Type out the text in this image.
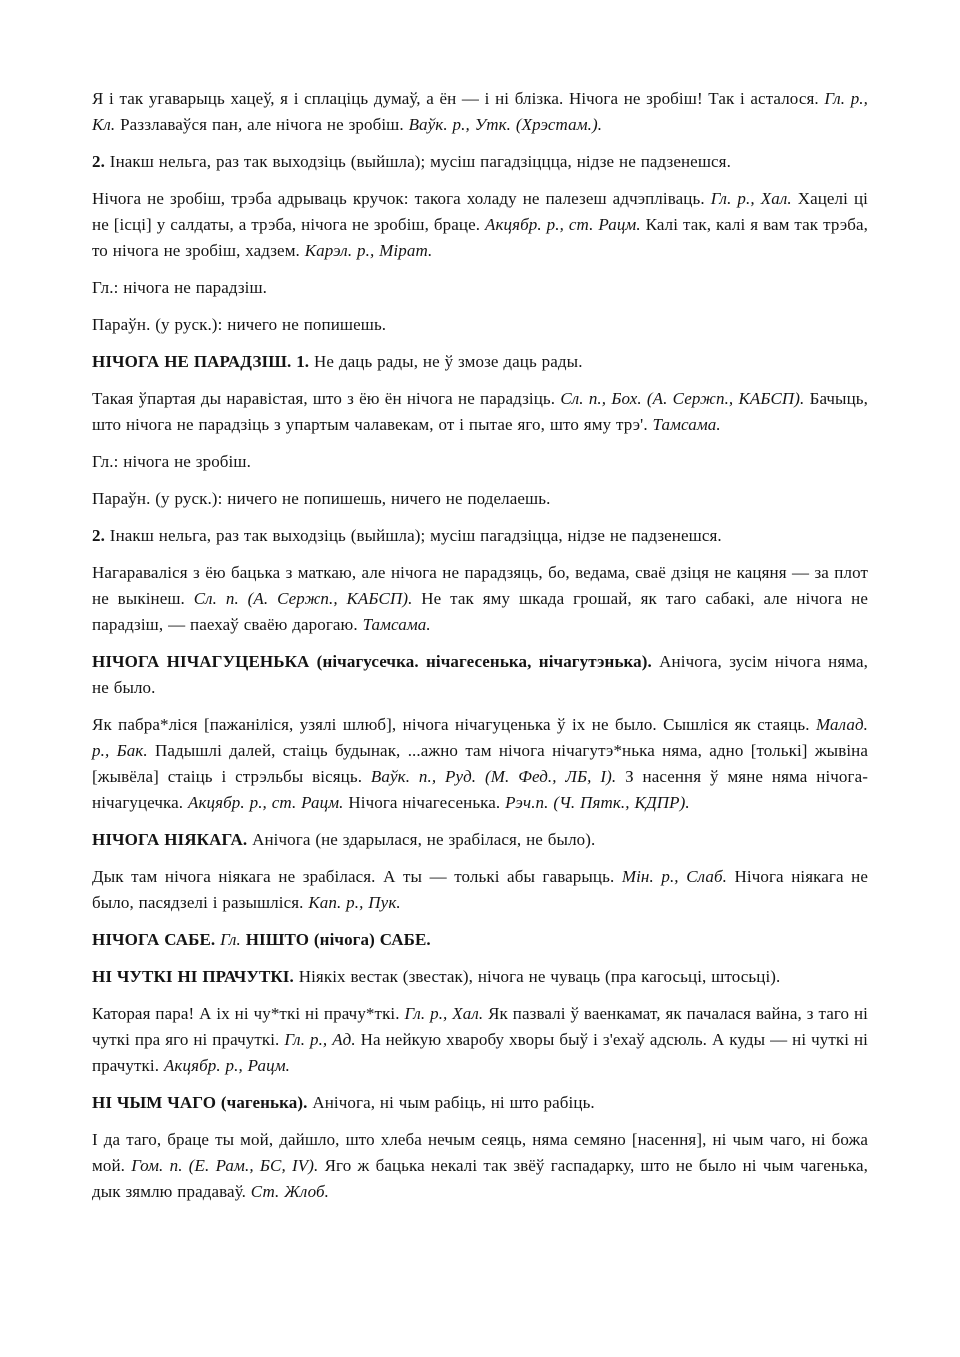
Я і так угаварыць хацеў, я і сплаціць думаў, а ён — і ні блізка. Нічога не зробіш! Так і асталося. Гл. р., Кл. Раззлаваўся пан, але нічога не зробіш. Ваўк. р., Утк. (Хрэстам.).

2. Інакш нельга, раз так выходзіць (выйшла); мусіш пагадзіццца, нідзе не падзенешся.

Нічога не зробіш, трэба адрываць кручок: такога холаду не палезеш адчэпліваць. Гл. р., Хал. Хацелі ці не [ісці] у салдаты, а трэба, нічога не зробіш, браце. Акцябр. р., ст. Рацм. Калі так, калі я вам так трэба, то нічога не зробіш, хадзем. Карэл. р., Мірат.

Гл.: нічога не парадзіш.

Параўн. (у руск.): ничего не попишешь.

НІЧОГА НЕ ПАРАДЗІШ. 1. Не даць рады, не ў змозе даць рады.

Такая ўпартая ды наравістая, што з ёю ён нічога не парадзіць. Сл. п., Бох. (А. Сержп., КАБСП). Бачыць, што нічога не парадзіць з упартым чалавекам, от і пытае яго, што яму трэ'. Тамсама.

Гл.: нічога не зробіш.

Параўн. (у руск.): ничего не попишешь, ничего не поделаешь.

2. Інакш нельга, раз так выходзіць (выйшла); мусіш пагадзіцца, нідзе не падзенешся.

Нагараваліся з ёю бацька з маткаю, але нічога не парадзяць, бо, ведама, сваё дзіця не кацяня — за плот не выкінеш. Сл. п. (А. Сержп., КАБСП). Не так яму шкада грошай, як таго сабакі, але нічога не парадзіш, — паехаў сваёю дарогаю. Тамсама.

НІЧОГА НІЧАГУЦЕНЬКА (нічагусечка. нічагесенька, нічагутэнька). Анічога, зусім нічога няма, не было.

Як пабра*ліся [пажаніліся, узялі шлюб], нічога нічагуценька ў іх не было. Сышліся як стаяць. Малад. р., Бак. Падышлі далей, стаіць будынак, ...ажно там нічога нічагутэ*нька няма, адно [толькі] жывіна [жывёла] стаіць і стрэльбы вісяць. Ваўк. п., Руд. (М. Фед., ЛБ, І). З насення ў мяне няма нічога-нічагуцечка. Акцябр. р., ст. Рацм. Нічога нічагесенька. Рэч.п. (Ч. Пятк., КДПР).

НІЧОГА НІЯКАГА. Анічога (не здарылася, не зрабілася, не было).

Дык там нічога ніякага не зрабілася. А ты — толькі абы гаварыць. Мін. р., Слаб. Нічога ніякага не было, пасядзелі і разышліся. Кап. р., Пук.

НІЧОГА САБЕ. Гл. НІШТО (нічога) САБЕ.

НІ ЧУТКІ НІ ПРАЧУТКІ. Ніякіх вестак (звестак), нічога не чуваць (пра кагосьці, штосьці).

Каторая пара! А іх ні чу*ткі ні прачу*ткі. Гл. р., Хал. Як пазвалі ў ваенкамат, як пачалася вайна, з таго ні чуткі пра яго ні прачуткі. Гл. р., Ад. На нейкую хваробу хворы быў і з'ехаў адсюль. А куды — ні чуткі ні прачуткі. Акцябр. р., Рацм.

НІ ЧЫМ ЧАГО (чагенька). Анічога, ні чым рабіць, ні што рабіць.

І да таго, браце ты мой, дайшло, што хлеба нечым сеяць, няма семяно [насення], ні чым чаго, ні божа мой. Гом. п. (Е. Рам., БС, IV). Яго ж бацька некалі так звёў гаспадарку, што не было ні чым чагенька, дык зямлю прадаваў. Ст. Жлоб.
